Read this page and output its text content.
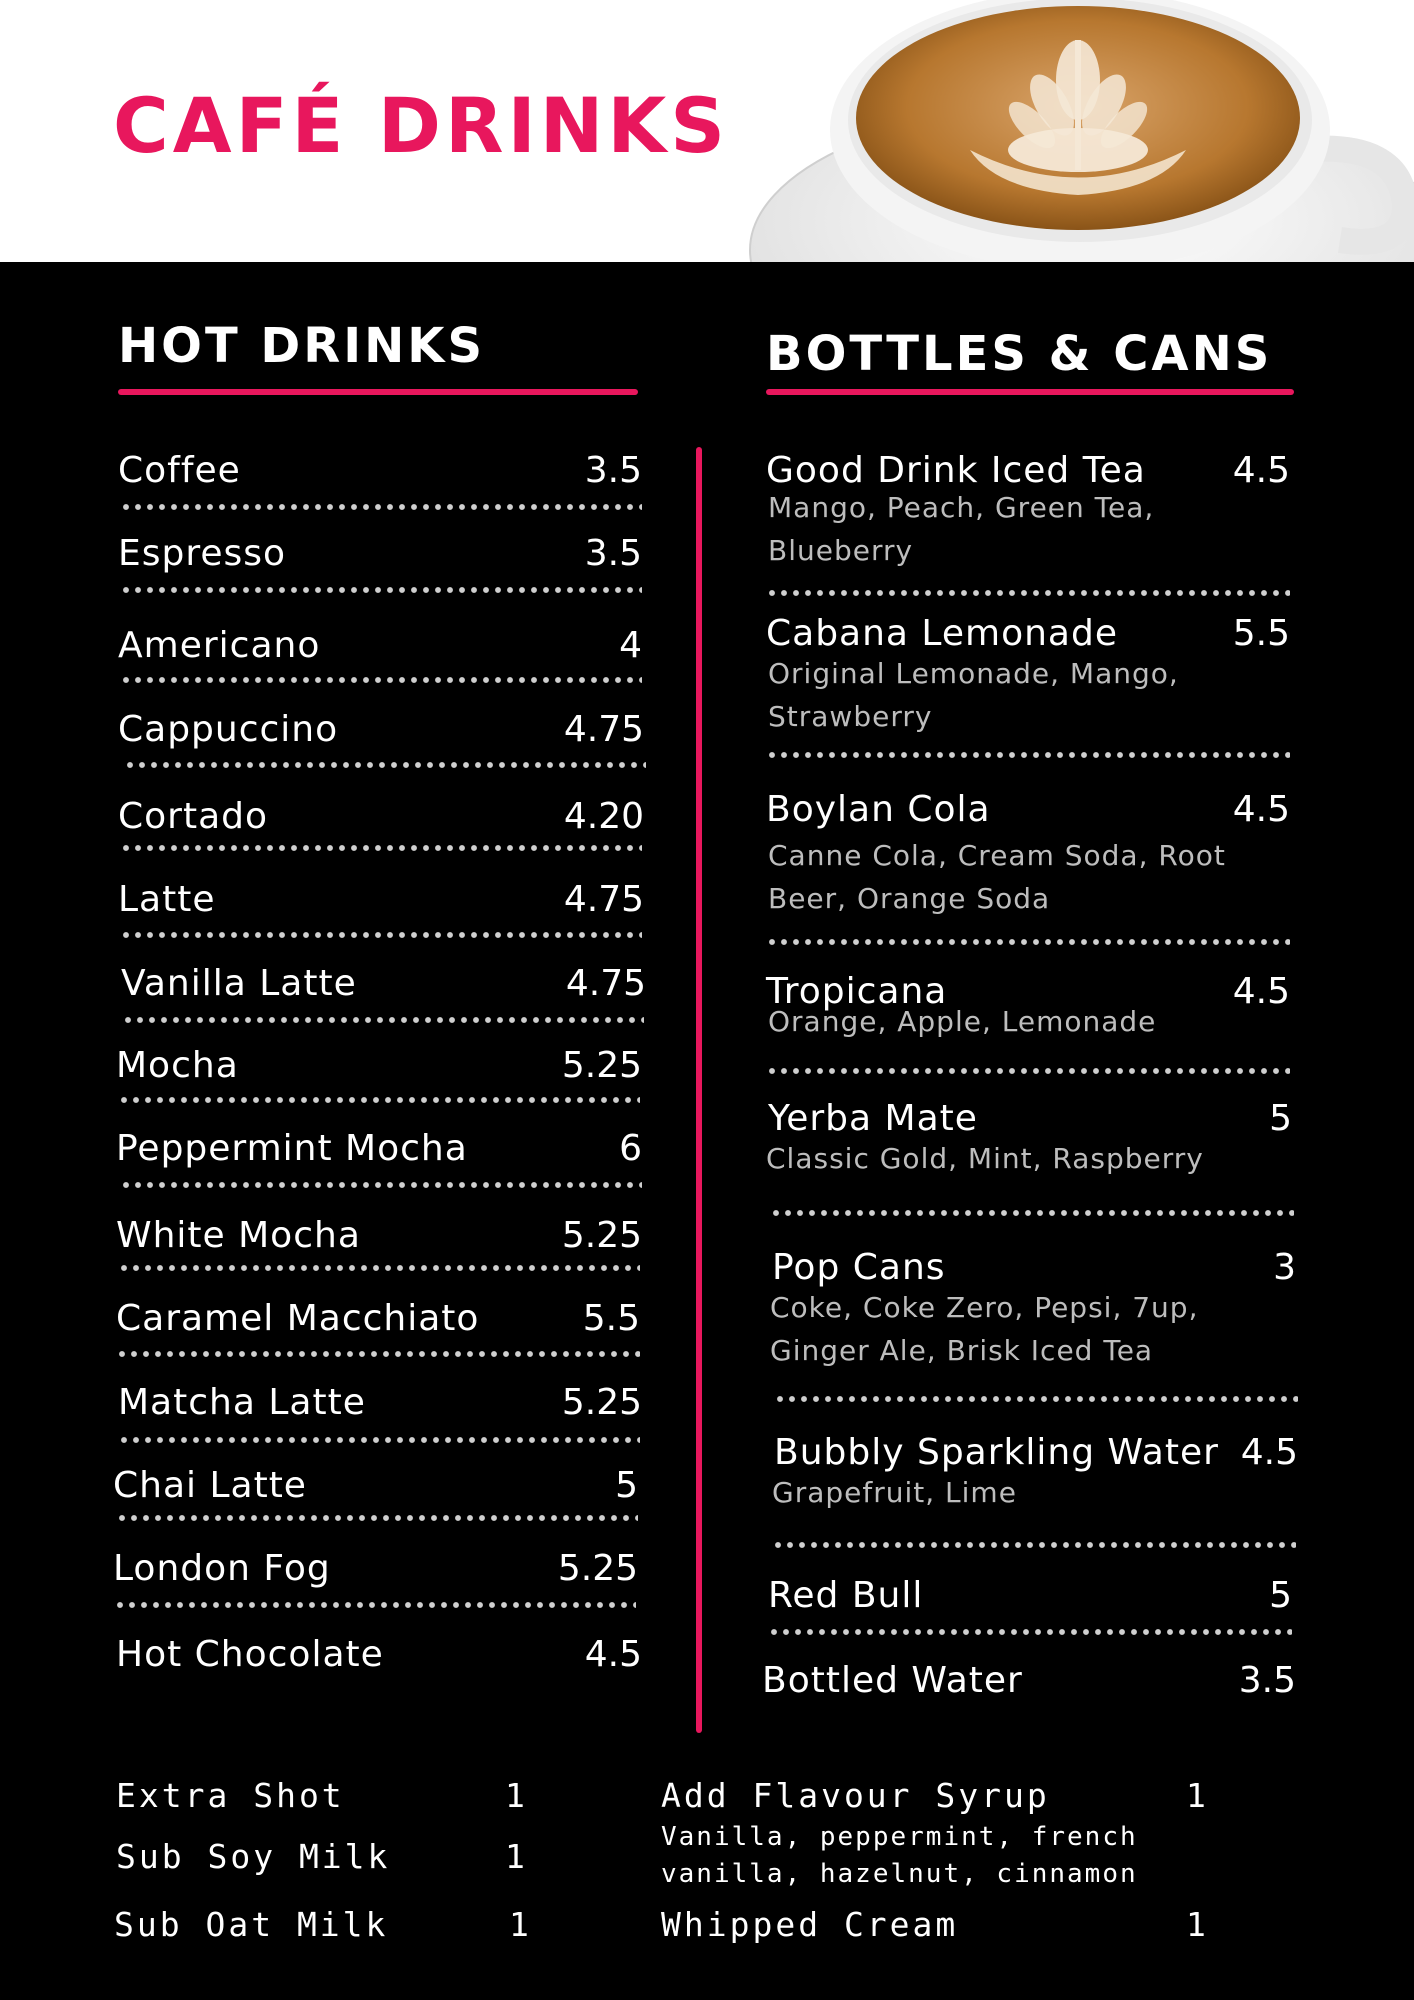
CAFÉ DRINKS
HOT DRINKS	BOTTLES & CANS
Coffee	3.5
Espresso	3.5
Americano	4
Cappuccino	4.75
Cortado	4.20
Latte	4.75
Vanilla Latte	4.75
Mocha	5.25
Peppermint Mocha	6
White Mocha	5.25
Caramel Macchiato	5.5
Matcha Latte	5.25
Chai Latte	5
London Fog	5.25
Hot Chocolate	4.5
Good Drink Iced Tea 4.5
Mango, Peach, Green Tea,
Blueberry
Cabana Lemonade	5.5
Original Lemonade, Mango,
Strawberry
Boylan Cola	4.5
Canne Cola, Cream Soda, Root
Beer, Orange Soda
Tropicana	4.5
Orange, Apple, Lemonade
Yerba Mate	5
Classic Gold, Mint, Raspberry
Pop Cans	3
Coke, Coke Zero, Pepsi, 7up,
Ginger Ale, Brisk Iced Tea
Bubbly Sparkling Water 4.5
Grapefruit, Lime
Red Bull	5
Bottled Water	3.5
Extra Shot	1
Sub Soy Milk	1
Sub Oat Milk	1
Add Flavour Syrup	1
Vanilla, peppermint, french
vanilla, hazelnut, cinnamon
Whipped Cream	1
